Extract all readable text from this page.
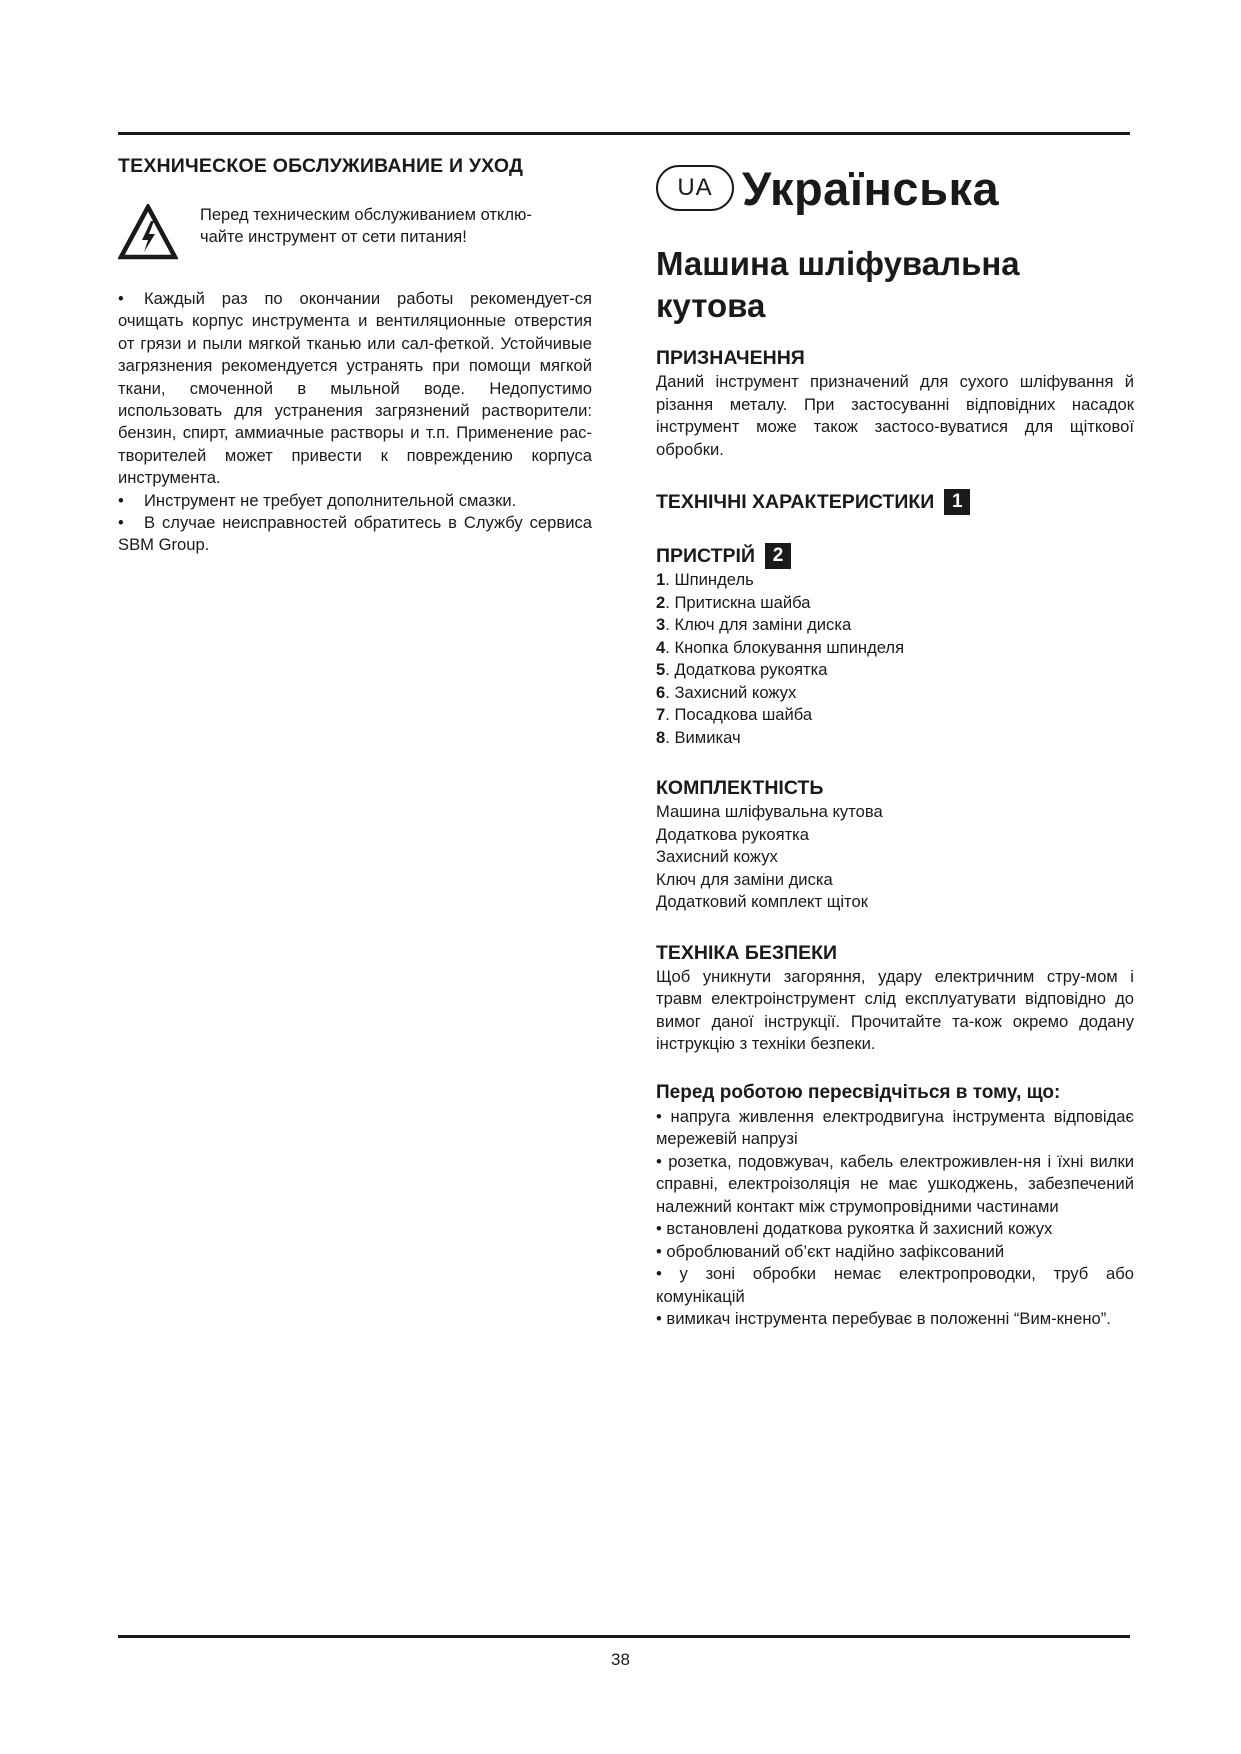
ТЕХНИЧЕСКОЕ ОБСЛУЖИВАНИЕ И УХОД
Перед техническим обслуживанием отклю-
чайте инструмент от сети питания!
• Каждый раз по окончании работы рекомендует-ся очищать корпус инструмента и вентиляционные отверстия от грязи и пыли мягкой тканью или сал-феткой. Устойчивые загрязнения рекомендуется устранять при помощи мягкой ткани, смоченной в мыльной воде. Недопустимо использовать для устранения загрязнений растворители: бензин, спирт, аммиачные растворы и т.п. Применение рас-творителей может привести к повреждению корпуса инструмента.
• Инструмент не требует дополнительной смазки.
• В случае неисправностей обратитесь в Службу сервиса SBM Group.
UA Українська
Машина шліфувальна кутова
ПРИЗНАЧЕННЯ

Даний інструмент призначений для сухого шліфування й різання металу. При застосуванні відповідних насадок інструмент може також застосо-вуватися для щіткової обробки.

ТЕХНІЧНІ ХАРАКТЕРИСТИКИ 1
ПРИСТРІЙ 2
1. Шпиндель
2. Притискна шайба
3. Ключ для заміни диска
4. Кнопка блокування шпинделя
5. Додаткова рукоятка
6. Захисний кожух
7. Посадкова шайба
8. Вимикач
КОМПЛЕКТНІСТЬ
Машина шліфувальна кутова
Додаткова рукоятка
Захисний кожух
Ключ для заміни диска
Додатковий комплект щіток
ТЕХНІКА БЕЗПЕКИ

Щоб уникнути загоряння, удару електричним стру-мом і травм електроінструмент слід експлуатувати відповідно до вимог даної інструкції. Прочитайте та-кож окремо додану інструкцію з техніки безпеки.

Перед роботою пересвідчіться в тому, що:
• напруга живлення електродвигуна інструмента відповідає мережевій напрузі
• розетка, подовжувач, кабель електроживлен-ня і їхні вилки справні, електроізоляція не має ушкоджень, забезпечений належний контакт між струмопровідними частинами
• встановлені додаткова рукоятка й захисний кожух
• оброблюваний об’єкт надійно зафіксований
• у зоні обробки немає електропроводки, труб або комунікацій
• вимикач інструмента перебуває в положенні “Вим-кнено”.
38
